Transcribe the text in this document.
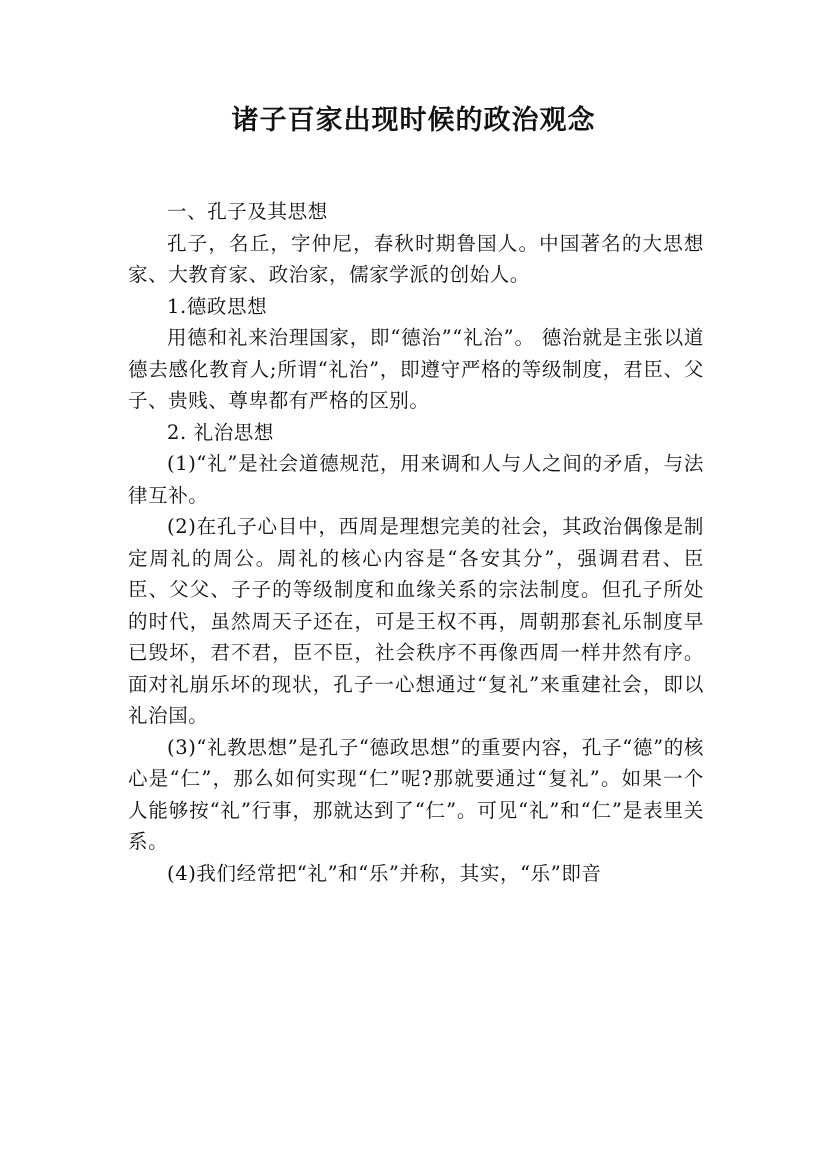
诸子百家出现时候的政治观念

一、孔子及其思想

孔子，名丘，字仲尼，春秋时期鲁国人。中国著名的大思想家、大教育家、政治家，儒家学派的创始人。

1.德政思想

用德和礼来治理国家，即“德治”“礼治”。 德治就是主张以道德去感化教育人;所谓“礼治”，即遵守严格的等级制度，君臣、父子、贵贱、尊卑都有严格的区别。

2. 礼治思想

(1)“礼”是社会道德规范，用来调和人与人之间的矛盾，与法律互补。

(2)在孔子心目中，西周是理想完美的社会，其政治偶像是制定周礼的周公。周礼的核心内容是“各安其分”，强调君君、臣臣、父父、子子的等级制度和血缘关系的宗法制度。但孔子所处的时代，虽然周天子还在，可是王权不再，周朝那套礼乐制度早已毁坏，君不君，臣不臣，社会秩序不再像西周一样井然有序。面对礼崩乐坏的现状，孔子一心想通过“复礼”来重建社会，即以礼治国。

(3)“礼教思想”是孔子“德政思想”的重要内容，孔子“德”的核心是“仁”，那么如何实现“仁”呢?那就要通过“复礼”。如果一个人能够按“礼”行事，那就达到了“仁”。可见“礼”和“仁”是表里关系。

(4)我们经常把“礼”和“乐”并称，其实，“乐”即音
